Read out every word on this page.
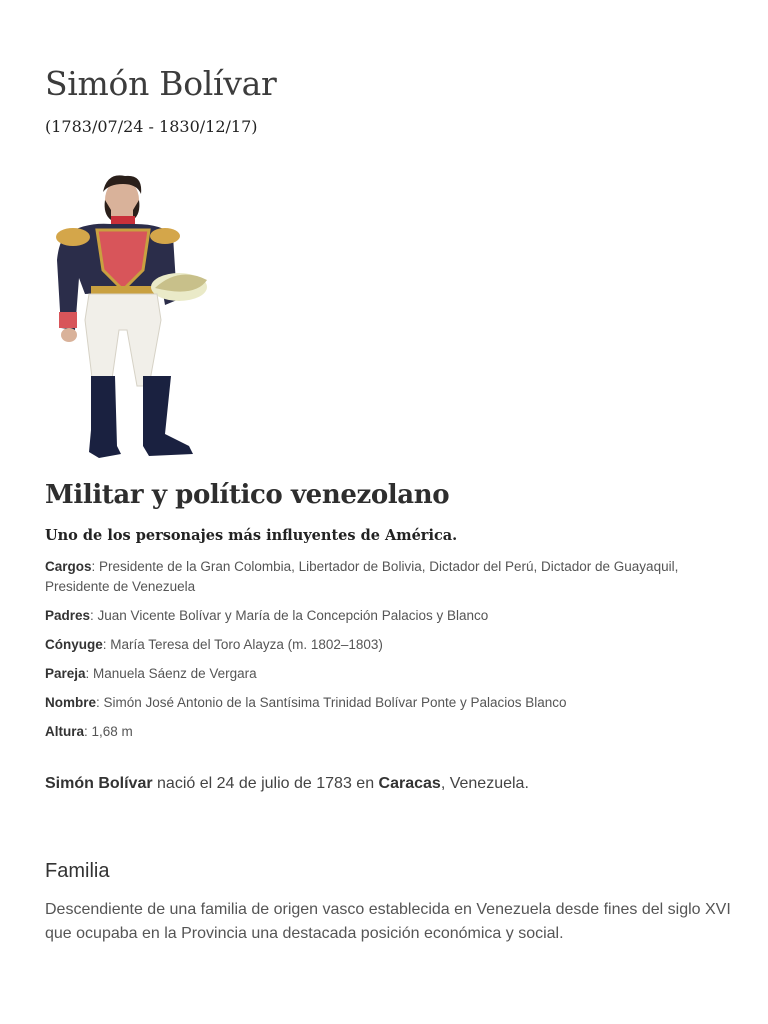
Simón Bolívar
(1783/07/24 - 1830/12/17)
Militar y político venezolano
Uno de los personajes más influyentes de América.
Cargos: Presidente de la Gran Colombia, Libertador de Bolivia, Dictador del Perú, Dictador de Guayaquil, Presidente de Venezuela
Padres: Juan Vicente Bolívar y María de la Concepción Palacios y Blanco
Cónyuge: María Teresa del Toro Alayza (m. 1802–1803)
Pareja: Manuela Sáenz de Vergara
Nombre: Simón José Antonio de la Santísima Trinidad Bolívar Ponte y Palacios Blanco
Altura: 1,68 m
Simón Bolívar nació el 24 de julio de 1783 en Caracas, Venezuela.
Familia
Descendiente de una familia de origen vasco establecida en Venezuela desde fines del siglo XVI que ocupaba en la Provincia una destacada posición económica y social.
